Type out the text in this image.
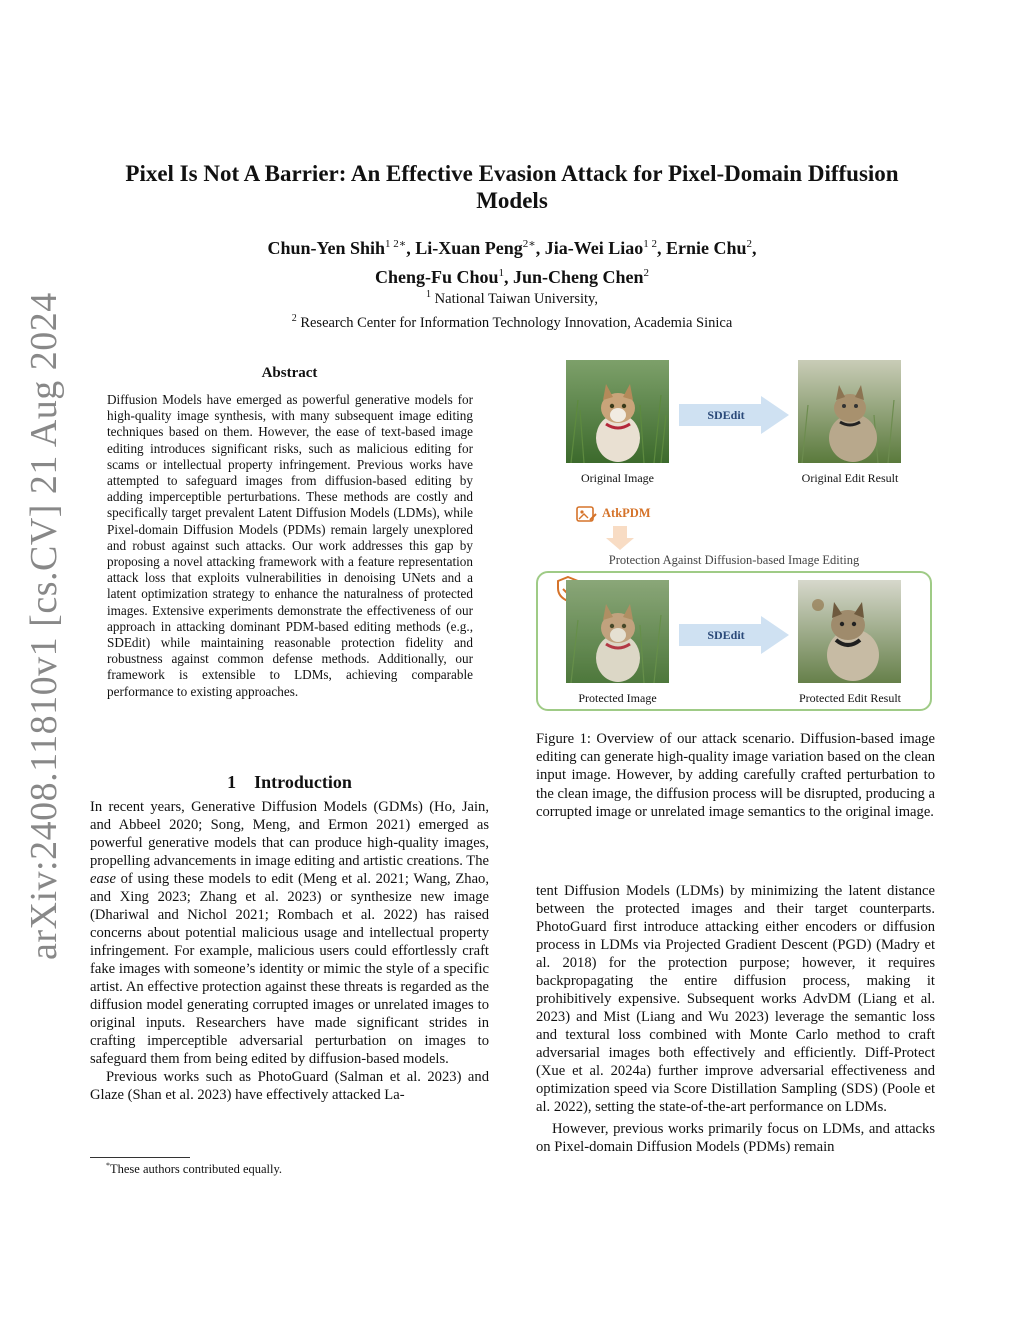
arXiv:2408.11810v1 [cs.CV] 21 Aug 2024
Pixel Is Not A Barrier: An Effective Evasion Attack for Pixel-Domain Diffusion Models
Chun-Yen Shih$^{1 2∗}$, Li-Xuan Peng$^{2∗}$, Jia-Wei Liao$^{1 2}$, Ernie Chu$^2$,
Cheng-Fu Chou$^1$, Jun-Cheng Chen$^2$
$^1$ National Taiwan University,
$^2$ Research Center for Information Technology Innovation, Academia Sinica
Abstract
Diffusion Models have emerged as powerful generative models for high-quality image synthesis, with many subsequent image editing techniques based on them. However, the ease of text-based image editing introduces significant risks, such as malicious editing for scams or intellectual property infringement. Previous works have attempted to safeguard images from diffusion-based editing by adding imperceptible perturbations. These methods are costly and specifically target prevalent Latent Diffusion Models (LDMs), while Pixel-domain Diffusion Models (PDMs) remain largely unexplored and robust against such attacks. Our work addresses this gap by proposing a novel attacking framework with a feature representation attack loss that exploits vulnerabilities in denoising UNets and a latent optimization strategy to enhance the naturalness of protected images. Extensive experiments demonstrate the effectiveness of our approach in attacking dominant PDM-based editing methods (e.g., SDEdit) while maintaining reasonable protection fidelity and robustness against common defense methods. Additionally, our framework is extensible to LDMs, achieving comparable performance to existing approaches.
1 Introduction

In recent years, Generative Diffusion Models (GDMs) (Ho, Jain, and Abbeel 2020; Song, Meng, and Ermon 2021) emerged as powerful generative models that can produce high-quality images, propelling advancements in image editing and artistic creations. The ease of using these models to edit (Meng et al. 2021; Wang, Zhao, and Xing 2023; Zhang et al. 2023) or synthesize new image (Dhariwal and Nichol 2021; Rombach et al. 2022) has raised concerns about potential malicious usage and intellectual property infringement. For example, malicious users could effortlessly craft fake images with someone’s identity or mimic the style of a specific artist. An effective protection against these threats is regarded as the diffusion model generating corrupted images or unrelated images to original inputs. Researchers have made significant strides in crafting imperceptible adversarial perturbation on images to safeguard them from being edited by diffusion-based models.

Previous works such as PhotoGuard (Salman et al. 2023) and Glaze (Shan et al. 2023) have effectively attacked La-

*These authors contributed equally.
Original Image	Original Edit Result
SDEdit
AtkPDM
Protection Against Diffusion-based Image Editing
Protected Image	Protected Edit Result
SDEdit
Figure 1: Overview of our attack scenario. Diffusion-based image editing can generate high-quality image variation based on the clean input image. However, by adding carefully crafted perturbation to the clean image, the diffusion process will be disrupted, producing a corrupted image or unrelated image semantics to the original image.

tent Diffusion Models (LDMs) by minimizing the latent distance between the protected images and their target counterparts. PhotoGuard first introduce attacking either encoders or diffusion process in LDMs via Projected Gradient Descent (PGD) (Madry et al. 2018) for the protection purpose; however, it requires backpropagating the entire diffusion process, making it prohibitively expensive. Subsequent works AdvDM (Liang et al. 2023) and Mist (Liang and Wu 2023) leverage the semantic loss and textural loss combined with Monte Carlo method to craft adversarial images both effectively and efficiently. Diff-Protect (Xue et al. 2024a) further improve adversarial effectiveness and optimization speed via Score Distillation Sampling (SDS) (Poole et al. 2022), setting the state-of-the-art performance on LDMs.

However, previous works primarily focus on LDMs, and attacks on Pixel-domain Diffusion Models (PDMs) remain
